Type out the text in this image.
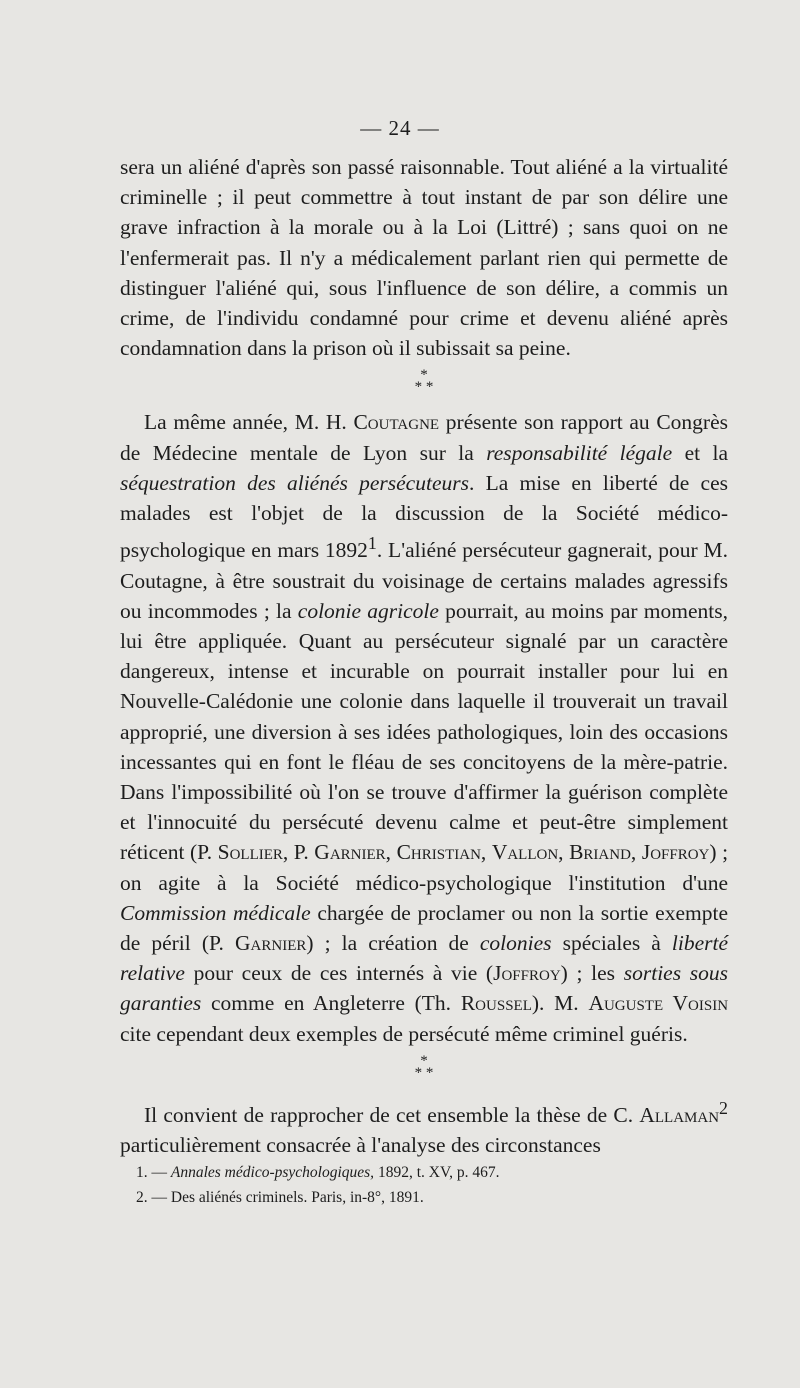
— 24 —

sera un aliéné d'après son passé raisonnable. Tout aliéné a la virtualité criminelle ; il peut commettre à tout instant de par son délire une grave infraction à la morale ou à la Loi (Littré) ; sans quoi on ne l'enfermerait pas. Il n'y a médicalement parlant rien qui permette de distinguer l'aliéné qui, sous l'influence de son délire, a commis un crime, de l'individu condamné pour crime et devenu aliéné après condamnation dans la prison où il subissait sa peine.

*
* *

La même année, M. H. Coutagne présente son rapport au Congrès de Médecine mentale de Lyon sur la responsabilité légale et la séquestration des aliénés persécuteurs. La mise en liberté de ces malades est l'objet de la discussion de la Société médico-psychologique en mars 1892$^1$. L'aliéné persécuteur gagnerait, pour M. Coutagne, à être soustrait du voisinage de certains malades agressifs ou incommodes ; la colonie agricole pourrait, au moins par moments, lui être appliquée. Quant au persécuteur signalé par un caractère dangereux, intense et incurable on pourrait installer pour lui en Nouvelle-Calédonie une colonie dans laquelle il trouverait un travail approprié, une diversion à ses idées pathologiques, loin des occasions incessantes qui en font le fléau de ses concitoyens de la mère-patrie. Dans l'impossibilité où l'on se trouve d'affirmer la guérison complète et l'innocuité du persécuté devenu calme et peut-être simplement réticent (P. Sollier, P. Garnier, Christian, Vallon, Briand, Joffroy) ; on agite à la Société médico-psychologique l'institution d'une Commission médicale chargée de proclamer ou non la sortie exempte de péril (P. Garnier) ; la création de colonies spéciales à liberté relative pour ceux de ces internés à vie (Joffroy) ; les sorties sous garanties comme en Angleterre (Th. Roussel). M. Auguste Voisin cite cependant deux exemples de persécuté même criminel guéris.

*
* *

Il convient de rapprocher de cet ensemble la thèse de C. Allaman$^2$ particulièrement consacrée à l'analyse des circonstances

1. — Annales médico-psychologiques, 1892, t. XV, p. 467.

2. — Des aliénés criminels. Paris, in-8°, 1891.
